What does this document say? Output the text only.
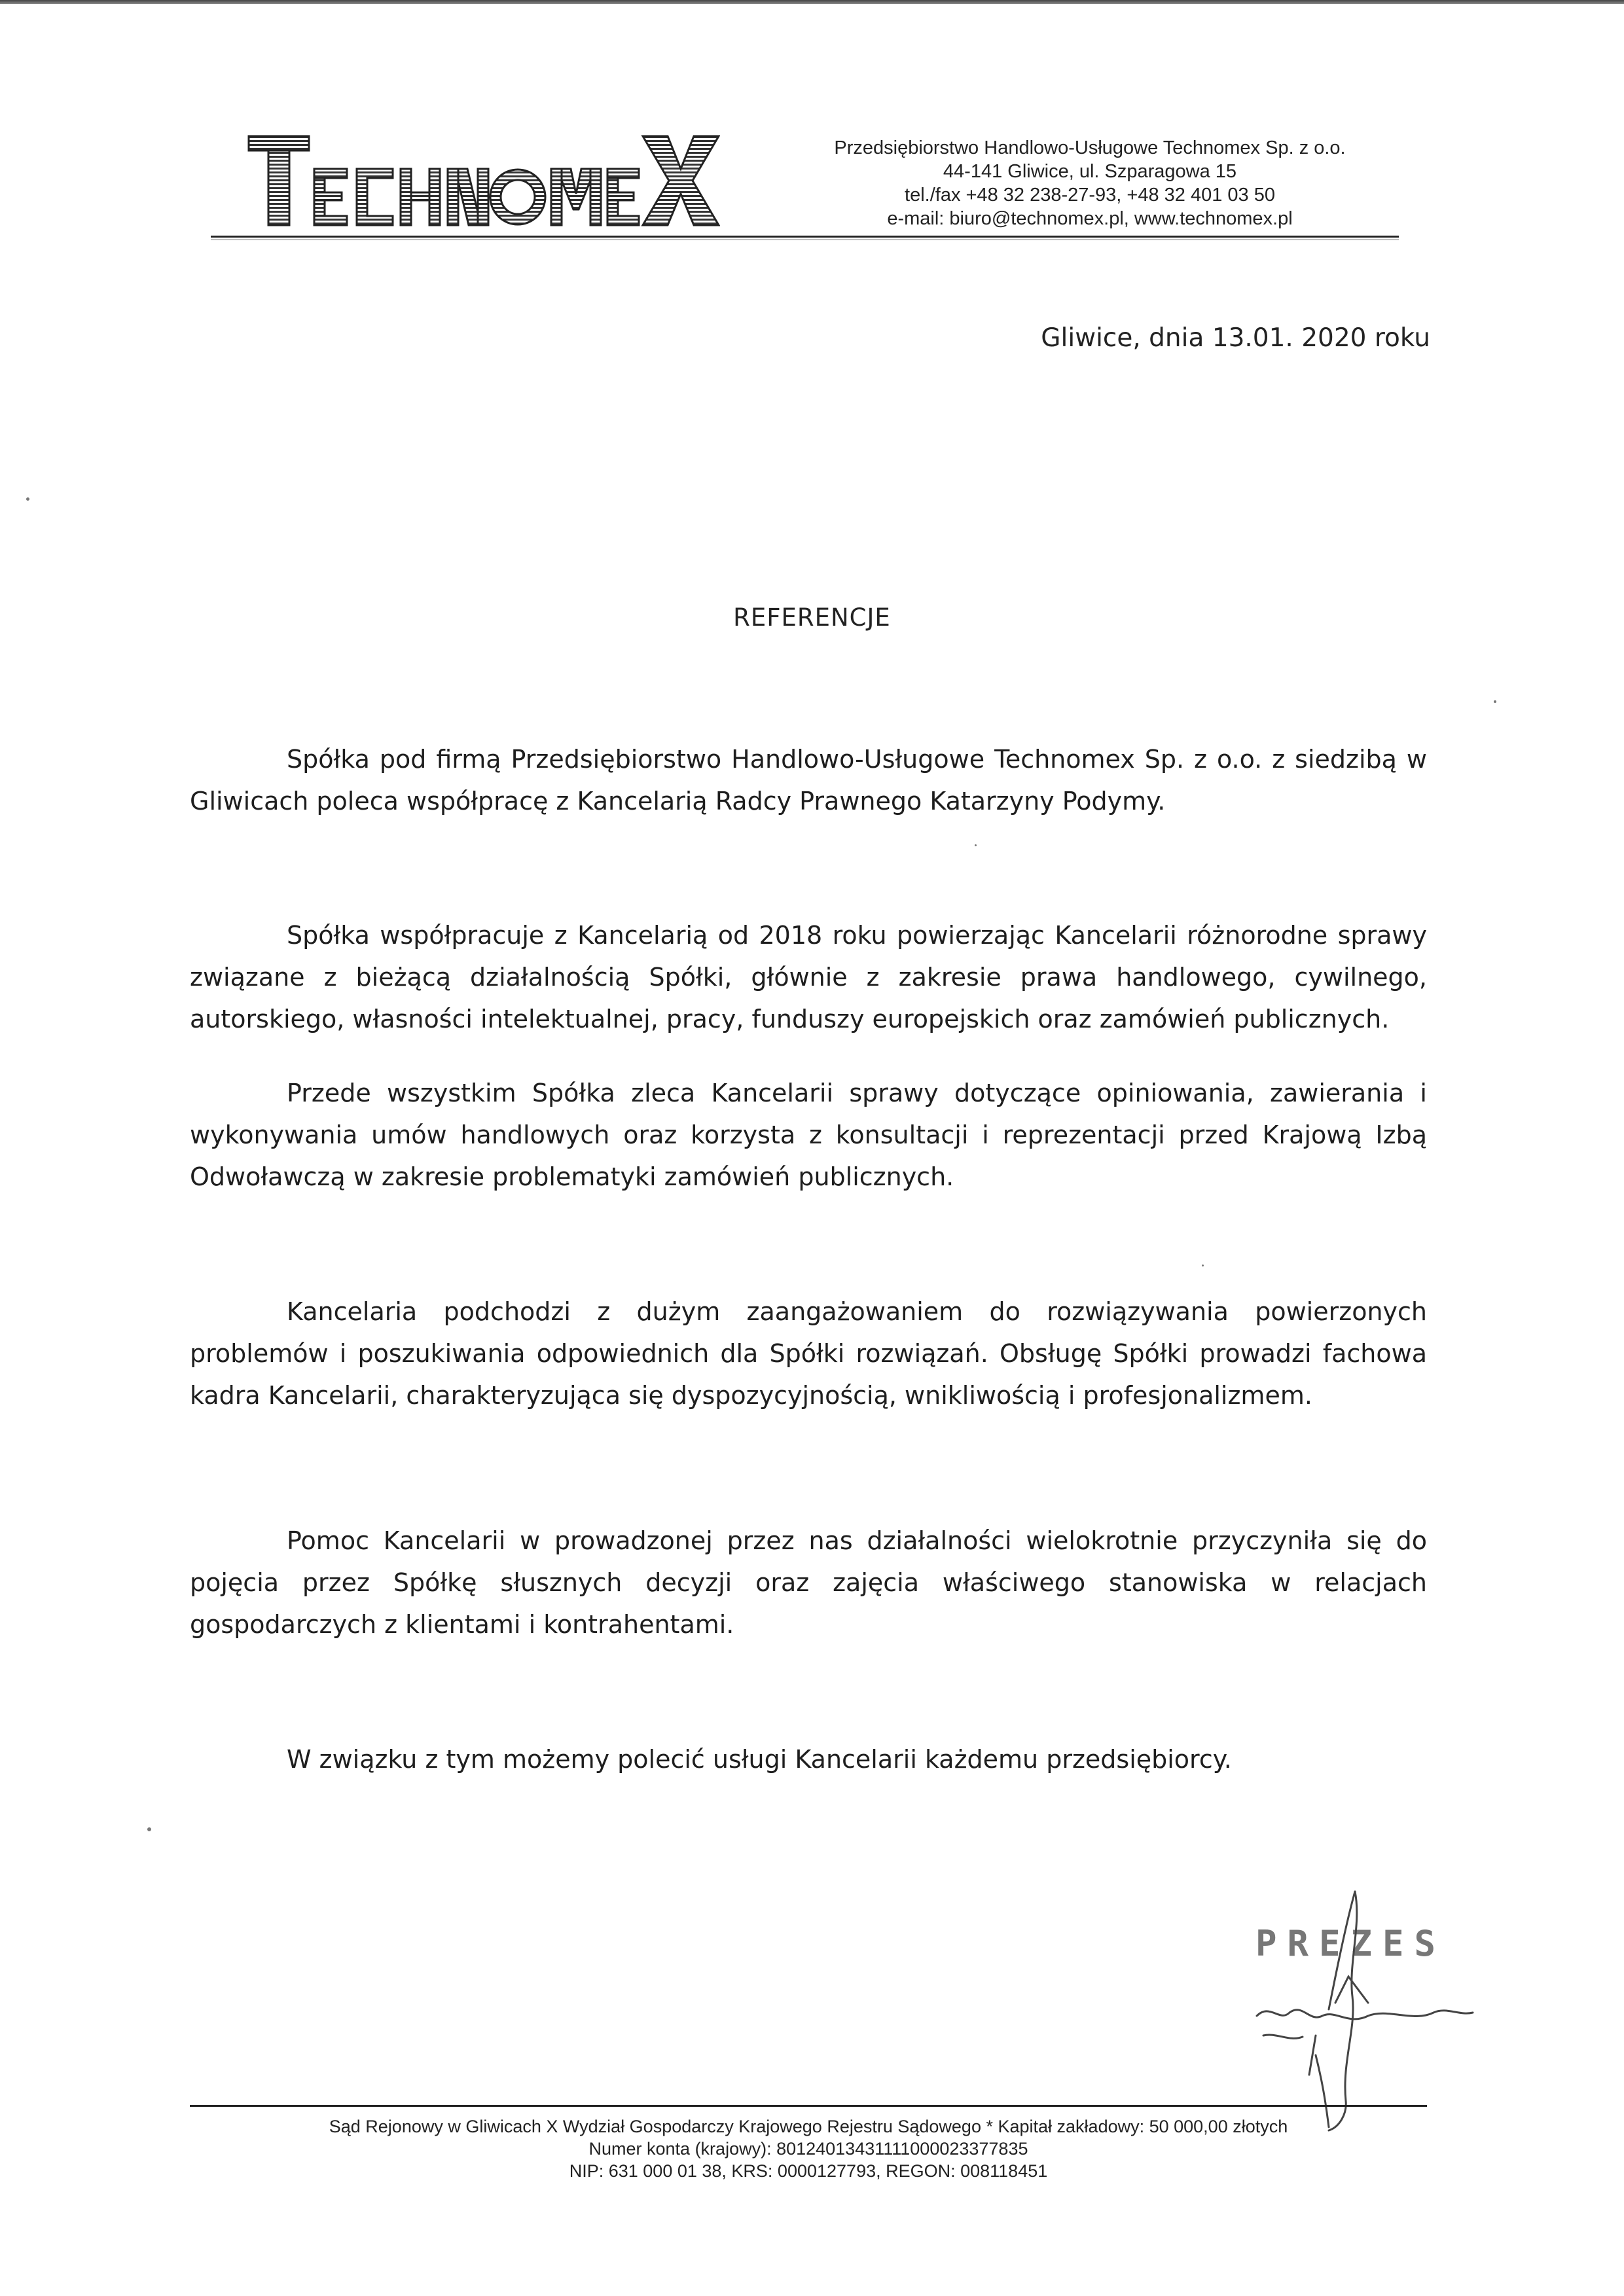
Przedsiębiorstwo Handlowo-Usługowe Technomex Sp. z o.o.
44-141 Gliwice, ul. Szparagowa 15
tel./fax +48 32 238-27-93, +48 32 401 03 50
e-mail: biuro@technomex.pl, www.technomex.pl
Gliwice, dnia 13.01. 2020 roku
REFERENCJE
Spółka pod firmą Przedsiębiorstwo Handlowo-Usługowe Technomex Sp. z o.o. z siedzibą w Gliwicach poleca współpracę z Kancelarią Radcy Prawnego Katarzyny Podymy.
Spółka współpracuje z Kancelarią od 2018 roku powierzając Kancelarii różnorodne sprawy związane z bieżącą działalnością Spółki, głównie z zakresie prawa handlowego, cywilnego, autorskiego, własności intelektualnej, pracy, funduszy europejskich oraz zamówień publicznych.
Przede wszystkim Spółka zleca Kancelarii sprawy dotyczące opiniowania, zawierania i wykonywania umów handlowych oraz korzysta z konsultacji i reprezentacji przed Krajową Izbą Odwoławczą w zakresie problematyki zamówień publicznych.
Kancelaria podchodzi z dużym zaangażowaniem do rozwiązywania powierzonych problemów i poszukiwania odpowiednich dla Spółki rozwiązań. Obsługę Spółki prowadzi fachowa kadra Kancelarii, charakteryzująca się dyspozycyjnością, wnikliwością i profesjonalizmem.
Pomoc Kancelarii w prowadzonej przez nas działalności wielokrotnie przyczyniła się do pojęcia przez Spółkę słusznych decyzji oraz zajęcia właściwego stanowiska w relacjach gospodarczych z klientami i kontrahentami.
W związku z tym możemy polecić usługi Kancelarii każdemu przedsiębiorcy.
PREZES
Sąd Rejonowy w Gliwicach X Wydział Gospodarczy Krajowego Rejestru Sądowego * Kapitał zakładowy: 50 000,00 złotych
Numer konta (krajowy): 80124013431111000023377835
NIP: 631 000 01 38, KRS: 0000127793, REGON: 008118451
